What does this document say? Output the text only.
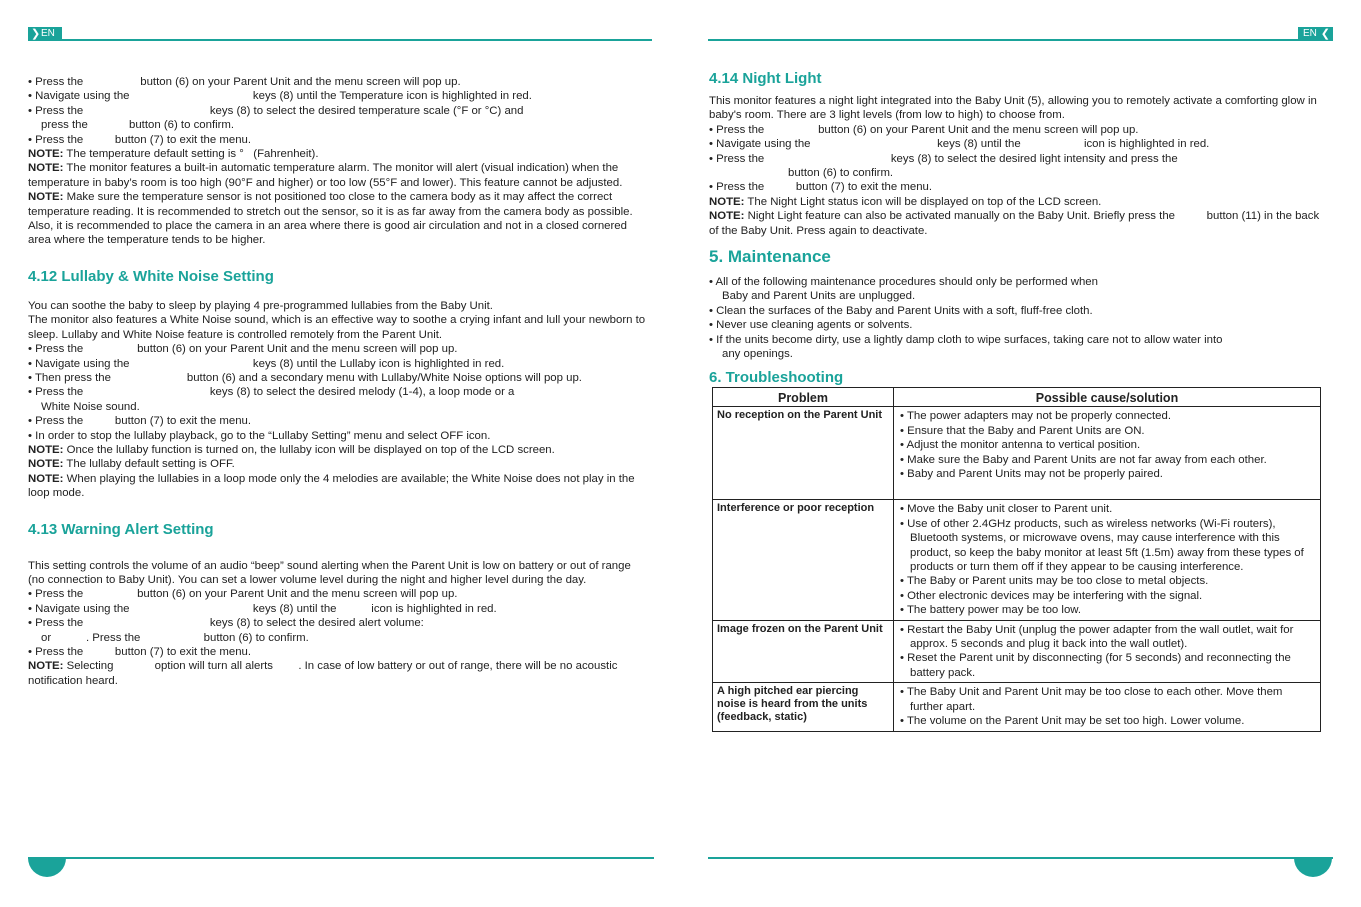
❯ EN

• Press the                  button (6) on your Parent Unit and the menu screen will pop up.

• Navigate using the                                       keys (8) until the Temperature icon is highlighted in red.

• Press the                                        keys (8) to select the desired temperature scale (°F or °C) and

press the             button (6) to confirm.

• Press the          button (7) to exit the menu.

NOTE: The temperature default setting is °   (Fahrenheit).

NOTE: The monitor features a built-in automatic temperature alarm. The monitor will alert (visual indication) when the temperature in baby’s room is too high (90°F and higher) or too low (55°F and lower). This feature cannot be adjusted.

NOTE: Make sure the temperature sensor is not positioned too close to the camera body as it may affect the correct temperature reading. It is recommended to stretch out the sensor, so it is as far away from the camera body as possible. Also, it is recommended to place the camera in an area where there is good air circulation and not in a closed cornered area where the temperature tends to be higher.

4.12 Lullaby & White Noise Setting

You can soothe the baby to sleep by playing 4 pre-programmed lullabies from the Baby Unit.

The monitor also features a White Noise sound, which is an effective way to soothe a crying infant and lull your newborn to sleep. Lullaby and White Noise feature is controlled remotely from the Parent Unit.

• Press the                 button (6) on your Parent Unit and the menu screen will pop up.

• Navigate using the                                       keys (8) until the Lullaby icon is highlighted in red.

• Then press the                        button (6) and a secondary menu with Lullaby/White Noise options will pop up.

• Press the                                        keys (8) to select the desired melody (1-4), a loop mode or a

White Noise sound.

• Press the          button (7) to exit the menu.

• In order to stop the lullaby playback, go to the “Lullaby Setting” menu and select OFF icon.

NOTE: Once the lullaby function is turned on, the lullaby icon will be displayed on top of the LCD screen.

NOTE: The lullaby default setting is OFF.

NOTE: When playing the lullabies in a loop mode only the 4 melodies are available; the White Noise does not play in the loop mode.

4.13 Warning Alert Setting

This setting controls the volume of an audio “beep” sound alerting when the Parent Unit is low on battery or out of range (no connection to Baby Unit). You can set a lower volume level during the night and higher level during the day.

• Press the                 button (6) on your Parent Unit and the menu screen will pop up.

• Navigate using the                                       keys (8) until the           icon is highlighted in red.

• Press the                                        keys (8) to select the desired alert volume:

or           . Press the                    button (6) to confirm.

• Press the          button (7) to exit the menu.

NOTE: Selecting             option will turn all alerts        . In case of low battery or out of range, there will be no acoustic notification heard.

EN ❮

4.14 Night Light

This monitor features a night light integrated into the Baby Unit (5), allowing you to remotely activate a comforting glow in baby's room. There are 3 light levels (from low to high) to choose from.

• Press the                 button (6) on your Parent Unit and the menu screen will pop up.

• Navigate using the                                        keys (8) until the                    icon is highlighted in red.

• Press the                                        keys (8) to select the desired light intensity and press the

button (6) to confirm.

• Press the          button (7) to exit the menu.

NOTE: The Night Light status icon will be displayed on top of the LCD screen.

NOTE: Night Light feature can also be activated manually on the Baby Unit. Briefly press the          button (11) in the back of the Baby Unit. Press again to deactivate.

5. Maintenance

• All of the following maintenance procedures should only be performed when

Baby and Parent Units are unplugged.

• Clean the surfaces of the Baby and Parent Units with a soft, fluff-free cloth.

• Never use cleaning agents or solvents.

• If the units become dirty, use a lightly damp cloth to wipe surfaces, taking care not to allow water into

any openings.

6. Troubleshooting

Problem	Possible cause/solution
No reception on the Parent Unit	• The power adapters may not be properly connected.
• Ensure that the Baby and Parent Units are ON.
• Adjust the monitor antenna to vertical position.
• Make sure the Baby and Parent Units are not far away from each other.
• Baby and Parent Units may not be properly paired.

Interference or poor reception	• Move the Baby unit closer to Parent unit.
• Use of other 2.4GHz products, such as wireless networks (Wi-Fi routers), Bluetooth systems, or microwave ovens, may cause interference with this product, so keep the baby monitor at least 5ft (1.5m) away from these types of products or turn them off if they appear to be causing interference.
• The Baby or Parent units may be too close to metal objects.
• Other electronic devices may be interfering with the signal.
• The battery power may be too low.

Image frozen on the Parent Unit	• Restart the Baby Unit (unplug the power adapter from the wall outlet, wait for approx. 5 seconds and plug it back into the wall outlet).
• Reset the Parent unit by disconnecting (for 5 seconds) and reconnecting the battery pack.

A high pitched ear piercing noise is heard from the units (feedback, static)	• The Baby Unit and Parent Unit may be too close to each other. Move them further apart.
• The volume on the Parent Unit may be set too high. Lower volume.
